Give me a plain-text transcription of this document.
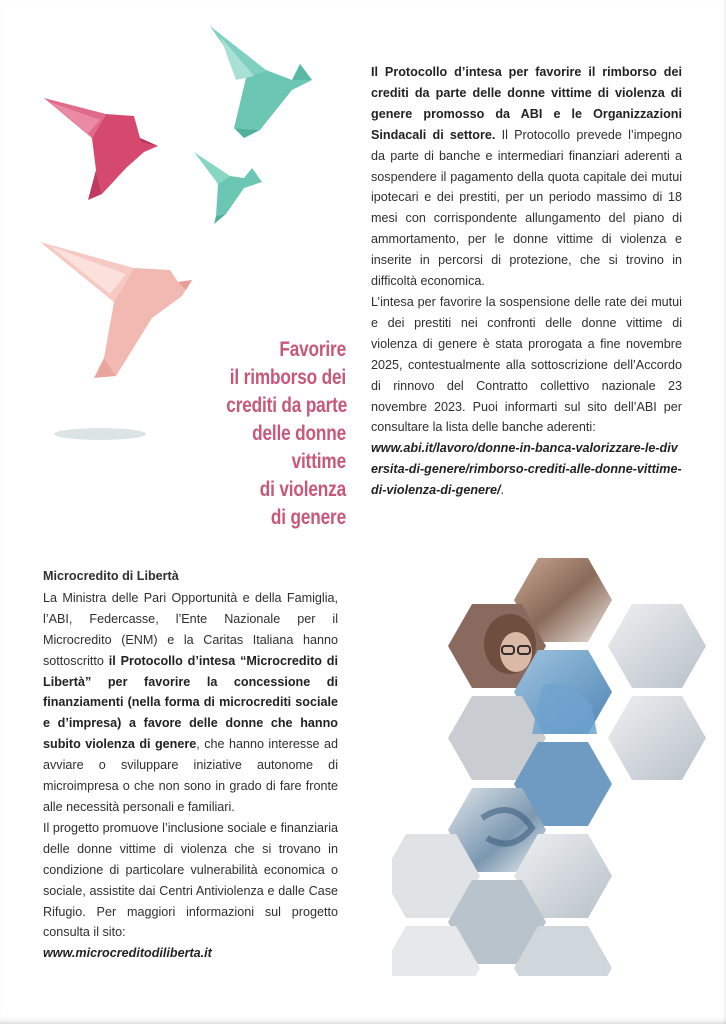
Favorire
il rimborso dei
crediti da parte
delle donne
vittime
di violenza
di genere

Il Protocollo d’intesa per favorire il rimborso dei crediti da parte delle donne vittime di violenza di genere promosso da ABI e le Organizzazioni Sindacali di settore. Il Protocollo prevede l’impegno da parte di banche e intermediari finanziari aderenti a sospendere il pagamento della quota capitale dei mutui ipotecari e dei prestiti, per un periodo massimo di 18 mesi con corrispondente allungamento del piano di ammortamento, per le donne vittime di violenza e inserite in percorsi di protezione, che si trovino in difficoltà economica.

L’intesa per favorire la sospensione delle rate dei mutui e dei prestiti nei confronti delle donne vittime di violenza di genere è stata prorogata a fine novembre 2025, contestualmente alla sottoscrizione dell’Accordo di rinnovo del Contratto collettivo nazionale 23 novembre 2023. Puoi informarti sul sito dell’ABI per consultare la lista delle banche aderenti:

www.abi.it/lavoro/donne-in-banca-valorizzare-le-diversita-di-genere/rimborso-crediti-alle-donne-vittime-di-violenza-di-genere/.

Microcredito di Libertà

La Ministra delle Pari Opportunità e della Famiglia, l’ABI, Federcasse, l’Ente Nazionale per il Microcredito (ENM) e la Caritas Italiana hanno sottoscritto il Protocollo d’intesa “Microcredito di Libertà” per favorire la concessione di finanziamenti (nella forma di microcrediti sociale e d’impresa) a favore delle donne che hanno subito violenza di genere, che hanno interesse ad avviare o sviluppare iniziative autonome di microimpresa o che non sono in grado di fare fronte alle necessità personali e familiari.

Il progetto promuove l’inclusione sociale e finanziaria delle donne vittime di violenza che si trovano in condizione di particolare vulnerabilità economica o sociale, assistite dai Centri Antiviolenza e dalle Case Rifugio. Per maggiori informazioni sul progetto consulta il sito:

www.microcreditodiliberta.it
